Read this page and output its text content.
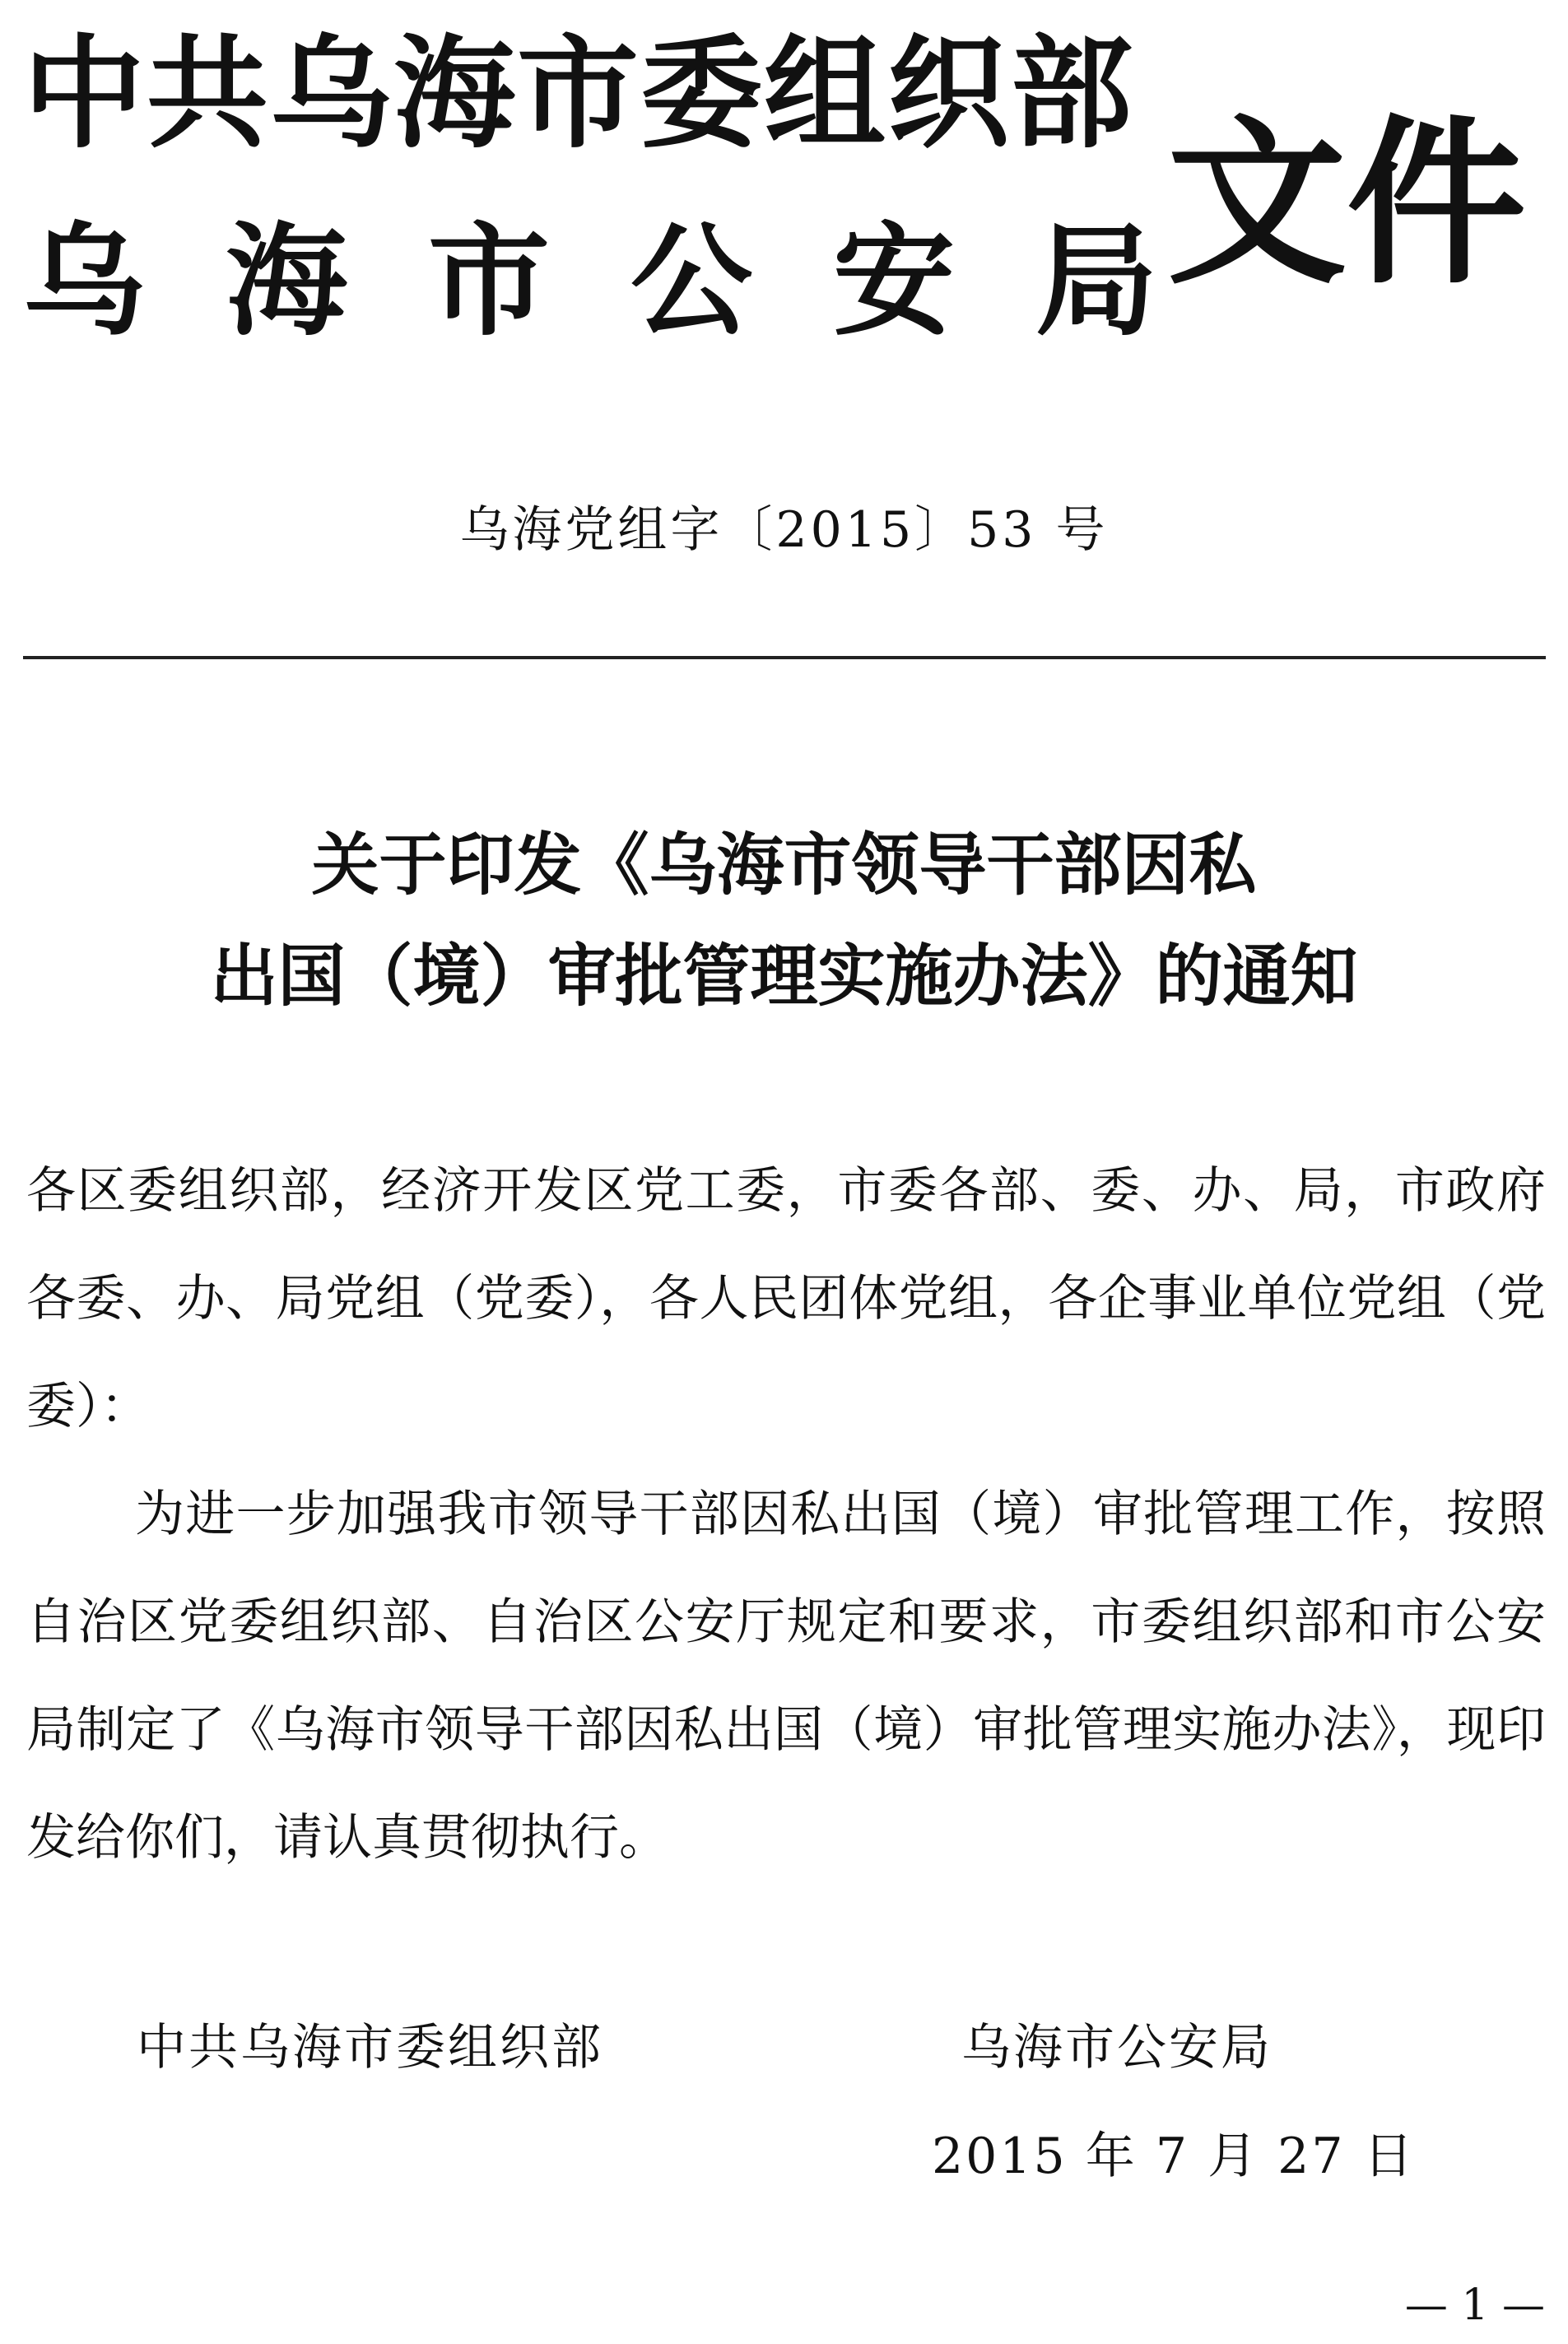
中共乌海市委组织部
乌海市公安局
文件
乌海党组字〔2015〕53 号
关于印发《乌海市领导干部因私
出国（境）审批管理实施办法》的通知
各区委组织部，经济开发区党工委，市委各部、委、办、局，市政府各委、办、局党组（党委），各人民团体党组，各企事业单位党组（党委）：
为进一步加强我市领导干部因私出国（境）审批管理工作，按照自治区党委组织部、自治区公安厅规定和要求，市委组织部和市公安局制定了《乌海市领导干部因私出国（境）审批管理实施办法》，现印发给你们，请认真贯彻执行。
中共乌海市委组织部	乌海市公安局
2015 年 7 月 27 日
— 1 —
